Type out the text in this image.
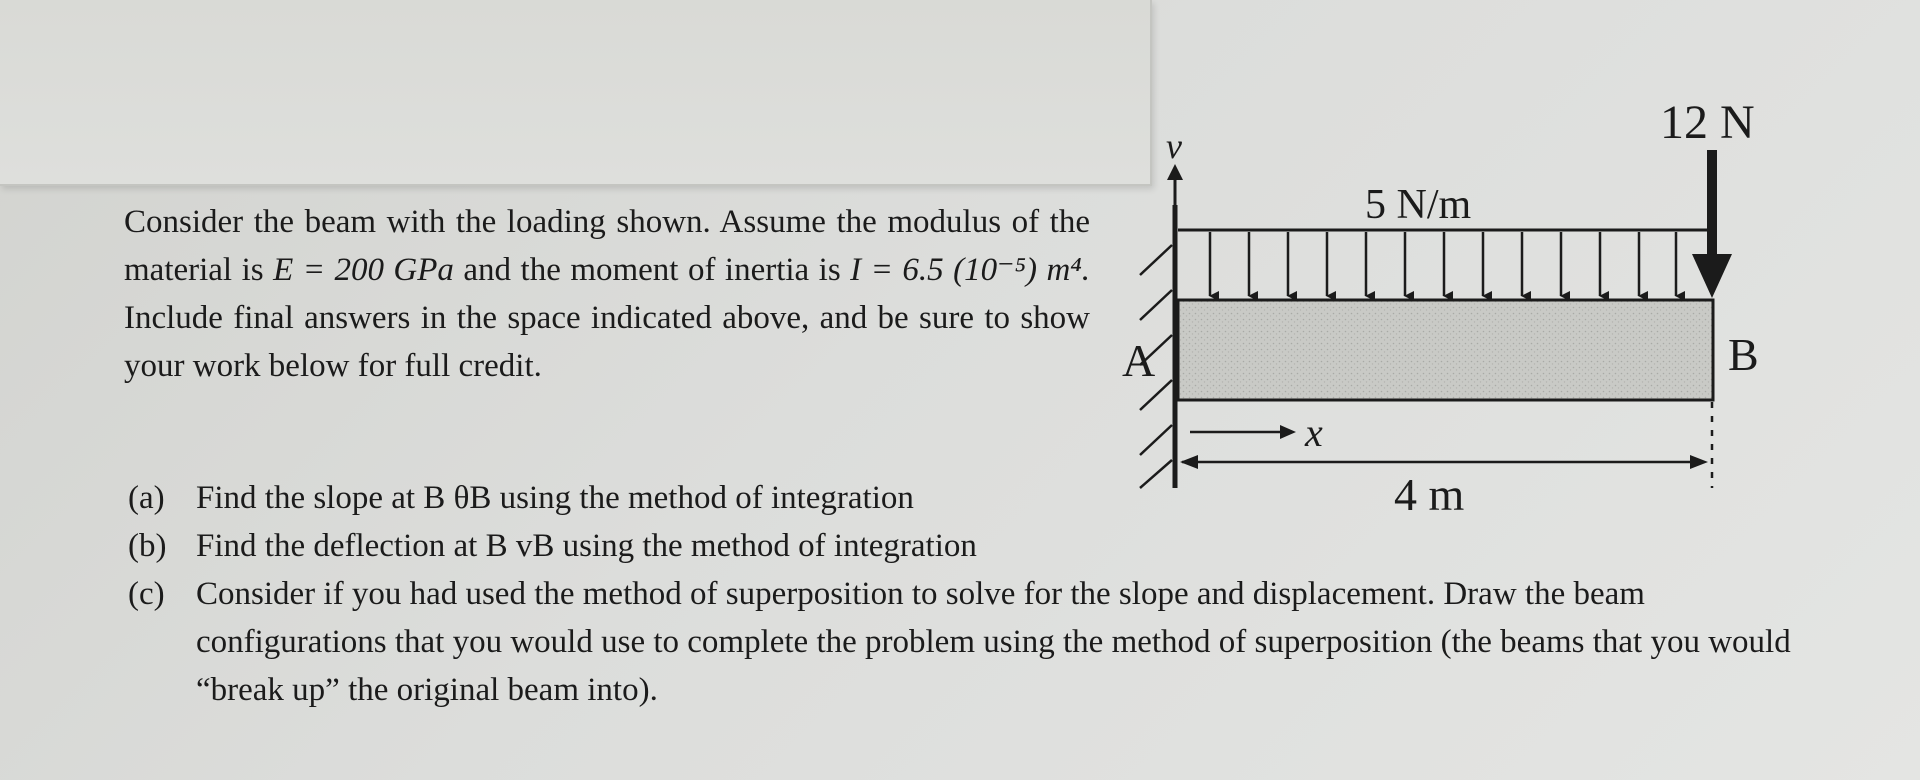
Consider the beam with the loading shown. Assume the modulus of the material is E = 200 GPa and the moment of inertia is I = 6.5 (10⁻⁵) m⁴. Include final answers in the space indicated above, and be sure to show your work below for full credit.
(a) Find the slope at B θB using the method of integration
(b) Find the deflection at B vB using the method of integration
(c) Consider if you had used the method of superposition to solve for the slope and displacement. Draw the beam configurations that you would use to complete the problem using the method of superposition (the beams that you would “break up” the original beam into).
v
5 N/m
12 N
A	B
x
4 m
